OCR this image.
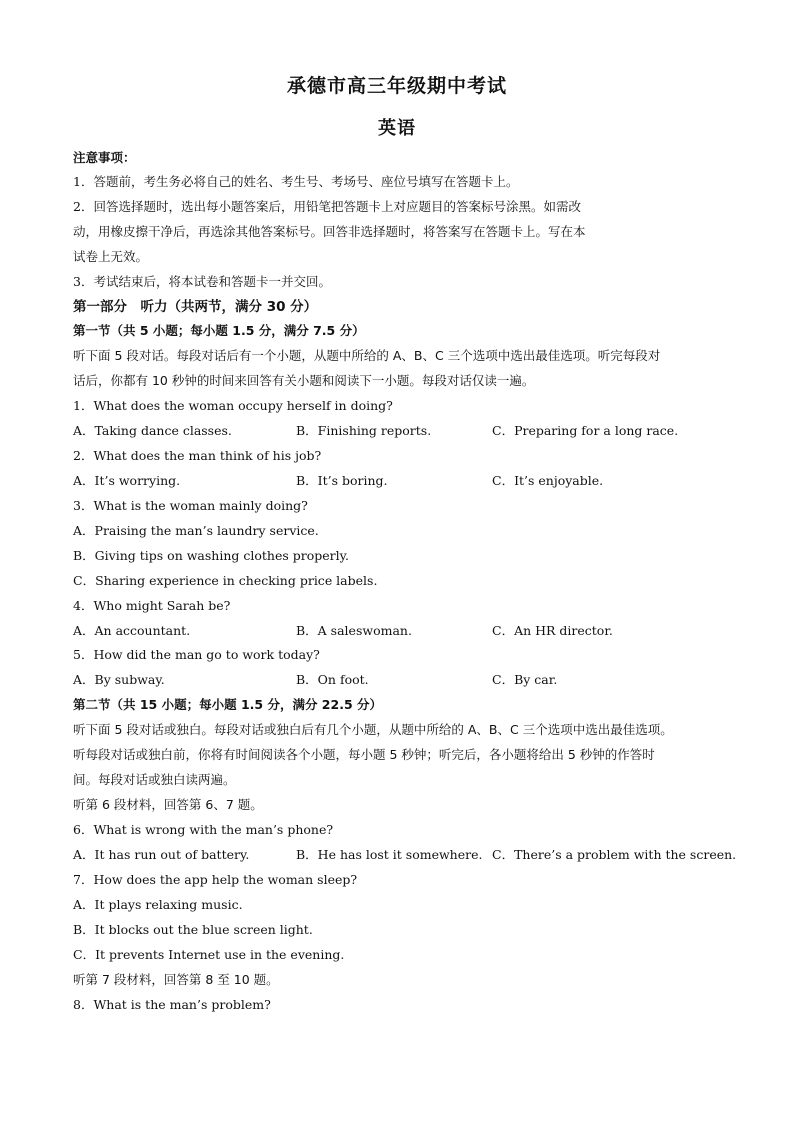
承德市高三年级期中考试
英语
注意事项：
1．答题前，考生务必将自己的姓名、考生号、考场号、座位号填写在答题卡上。
2．回答选择题时，选出每小题答案后，用铅笔把答题卡上对应题目的答案标号涂黑。如需改
动，用橡皮擦干净后，再选涂其他答案标号。回答非选择题时，将答案写在答题卡上。写在本
试卷上无效。
3．考试结束后，将本试卷和答题卡一并交回。
第一部分　听力（共两节，满分 30 分）
第一节（共 5 小题；每小题 1.5 分，满分 7.5 分）
听下面 5 段对话。每段对话后有一个小题，从题中所给的 A、B、C 三个选项中选出最佳选项。听完每段对
话后，你都有 10 秒钟的时间来回答有关小题和阅读下一小题。每段对话仅读一遍。
1．What does the woman occupy herself in doing?
A．Taking dance classes.	B．Finishing reports.	C．Preparing for a long race.
2．What does the man think of his job?
A．It’s worrying.	B．It’s boring.	C．It’s enjoyable.
3．What is the woman mainly doing?
A．Praising the man’s laundry service.
B．Giving tips on washing clothes properly.
C．Sharing experience in checking price labels.
4．Who might Sarah be?
A．An accountant.	B．A saleswoman.	C．An HR director.
5．How did the man go to work today?
A．By subway.	B．On foot.	C．By car.
第二节（共 15 小题；每小题 1.5 分，满分 22.5 分）
听下面 5 段对话或独白。每段对话或独白后有几个小题，从题中所给的 A、B、C 三个选项中选出最佳选项。
听每段对话或独白前，你将有时间阅读各个小题，每小题 5 秒钟；听完后，各小题将给出 5 秒钟的作答时
间。每段对话或独白读两遍。
听第 6 段材料，回答第 6、7 题。
6．What is wrong with the man’s phone?
A．It has run out of battery.	B．He has lost it somewhere. C．There’s a problem with the screen.
7．How does the app help the woman sleep?
A．It plays relaxing music.
B．It blocks out the blue screen light.
C．It prevents Internet use in the evening.
听第 7 段材料，回答第 8 至 10 题。
8．What is the man’s problem?
